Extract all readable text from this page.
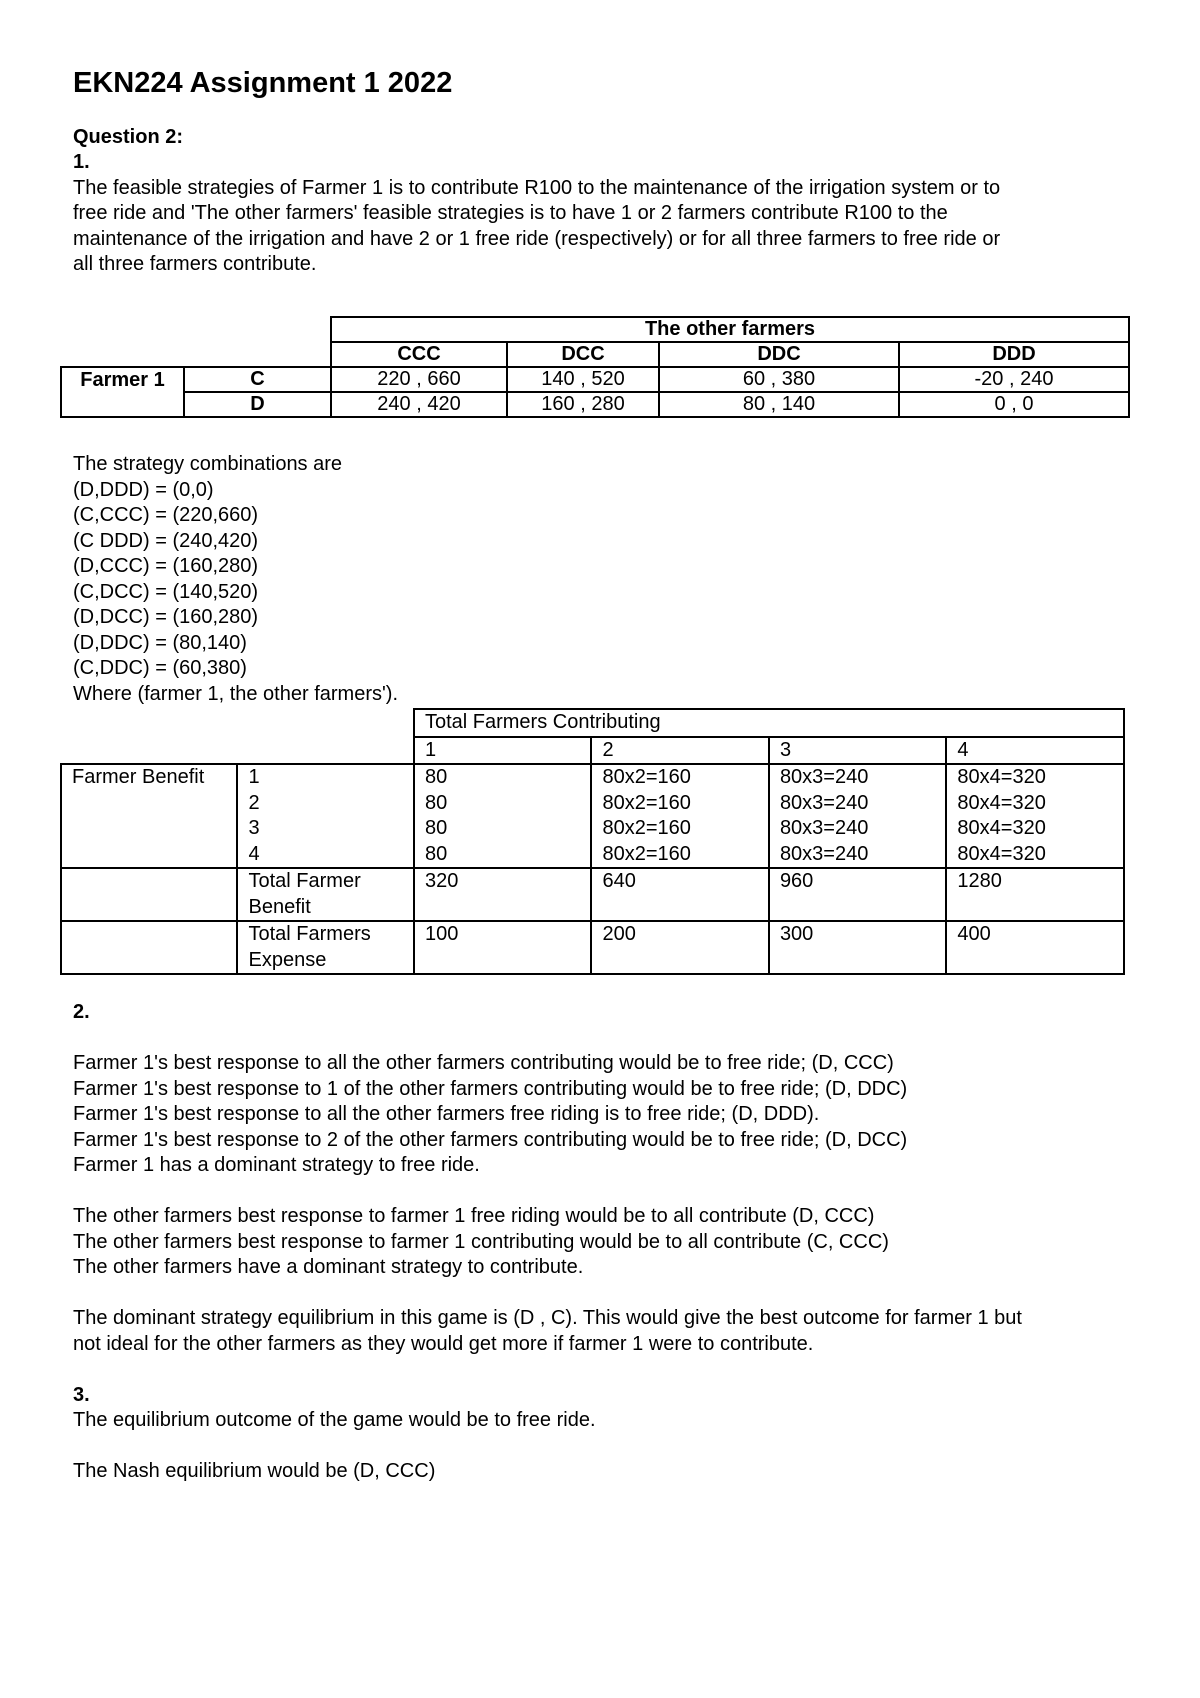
EKN224 Assignment 1 2022
Question 2:
1.
The feasible strategies of Farmer 1 is to contribute R100 to the maintenance of the irrigation system or to
free ride and 'The other farmers' feasible strategies is to have 1 or 2 farmers contribute R100 to the
maintenance of the irrigation and have 2 or 1 free ride (respectively) or for all three farmers to free ride or
all three farmers contribute.
		The other farmers			
		CCC	DCC	DDC	DDD
Farmer 1	C	220 , 660	140 , 520	60 , 380	-20 , 240
	D	240 , 420	160 , 280	80 , 140	0 , 0
The strategy combinations are
(D,DDD) = (0,0)
(C,CCC) = (220,660)
(C DDD) = (240,420)
(D,CCC) = (160,280)
(C,DCC) = (140,520)
(D,DCC) = (160,280)
(D,DDC) = (80,140)
(C,DDC) = (60,380)
Where (farmer 1, the other farmers').
		Total Farmers Contributing			
		1	2	3	4
Farmer Benefit	1	80	80x2=160	80x3=240	80x4=320
	2	80	80x2=160	80x3=240	80x4=320
	3	80	80x2=160	80x3=240	80x4=320
	4	80	80x2=160	80x3=240	80x4=320
	Total Farmer
Benefit	320	640	960	1280
	Total Farmers
Expense	100	200	300	400
2.
Farmer 1's best response to all the other farmers contributing would be to free ride; (D, CCC)
Farmer 1's best response to 1 of the other farmers contributing would be to free ride; (D, DDC)
Farmer 1's best response to all the other farmers free riding is to free ride; (D, DDD).
Farmer 1's best response to 2 of the other farmers contributing would be to free ride; (D, DCC)
Farmer 1 has a dominant strategy to free ride.
The other farmers best response to farmer 1 free riding would be to all contribute (D, CCC)
The other farmers best response to farmer 1 contributing would be to all contribute (C, CCC)
The other farmers have a dominant strategy to contribute.
The dominant strategy equilibrium in this game is (D , C). This would give the best outcome for farmer 1 but
not ideal for the other farmers as they would get more if farmer 1 were to contribute.
3.
The equilibrium outcome of the game would be to free ride.
The Nash equilibrium would be (D, CCC)
